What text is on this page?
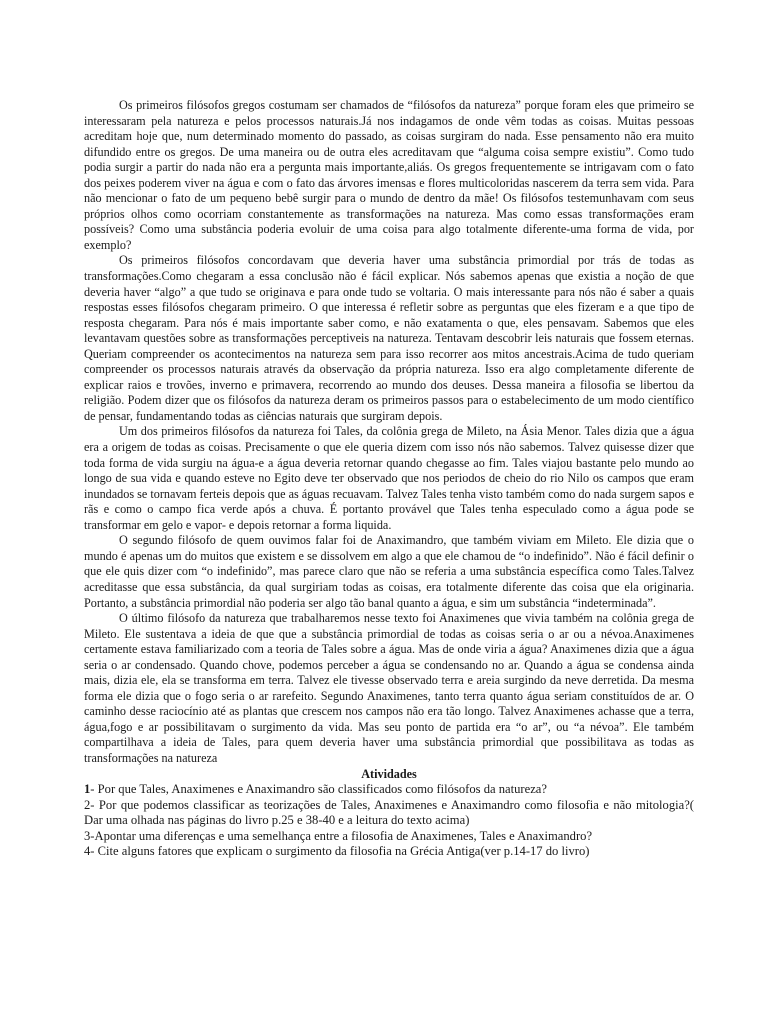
Os primeiros filósofos gregos costumam ser chamados de “filósofos da natureza” porque foram eles que primeiro se interessaram pela natureza e pelos processos naturais.Já nos indagamos de onde vêm todas as coisas. Muitas pessoas acreditam hoje que, num determinado momento do passado, as coisas surgiram do nada. Esse pensamento não era muito difundido entre os gregos. De uma maneira ou de outra eles acreditavam que “alguma coisa sempre existiu”. Como tudo podia surgir a partir do nada não era a pergunta mais importante,aliás. Os gregos frequentemente se intrigavam com o fato dos peixes poderem viver na água e com o fato das árvores imensas e flores multicoloridas nascerem da terra sem vida. Para não mencionar o fato de um pequeno bebê surgir para o mundo de dentro da mãe! Os filósofos testemunhavam com seus próprios olhos como ocorriam constantemente as transformações na natureza. Mas como essas transformações eram possíveis? Como uma substância poderia evoluir de uma coisa para algo totalmente diferente-uma forma de vida, por exemplo?

Os primeiros filósofos concordavam que deveria haver uma substância primordial por trás de todas as transformações.Como chegaram a essa conclusão não é fácil explicar. Nós sabemos apenas que existia a noção de que deveria haver “algo” a que tudo se originava e para onde tudo se voltaria. O mais interessante para nós não é saber a quais respostas esses filósofos chegaram primeiro. O que interessa é refletir sobre as perguntas que eles fizeram e a que tipo de resposta chegaram. Para nós é mais importante saber como, e não exatamenta o que, eles pensavam. Sabemos que eles levantavam questões sobre as transformações perceptiveis na natureza. Tentavam descobrir leis naturais que fossem eternas. Queriam compreender os acontecimentos na natureza sem para isso recorrer aos mitos ancestrais.Acima de tudo queriam compreender os processos naturais através da observação da própria natureza. Isso era algo completamente diferente de explicar raios e trovões, inverno e primavera, recorrendo ao mundo dos deuses. Dessa maneira a filosofia se libertou da religião. Podem dizer que os filósofos da natureza deram os primeiros passos para o estabelecimento de um modo científico de pensar, fundamentando todas as ciências naturais que surgiram depois.

Um dos primeiros filósofos da natureza foi Tales, da colônia grega de Mileto, na Ásia Menor. Tales dizia que a água era a origem de todas as coisas. Precisamente o que ele queria dizem com isso nós não sabemos. Talvez quisesse dizer que toda forma de vida surgiu na água-e a água deveria retornar quando chegasse ao fim. Tales viajou bastante pelo mundo ao longo de sua vida e quando esteve no Egito deve ter observado que nos periodos de cheio do rio Nilo os campos que eram inundados se tornavam ferteis depois que as águas recuavam. Talvez Tales tenha visto também como do nada surgem sapos e rãs e como o campo fica verde após a chuva. É portanto provável que Tales tenha especulado como a água pode se transformar em gelo e vapor- e depois retornar a forma liquida.

O segundo filósofo de quem ouvimos falar foi de Anaximandro, que também viviam em Mileto. Ele dizia que o mundo é apenas um do muitos que existem e se dissolvem em algo a que ele chamou de “o indefinido”. Não é fácil definir o que ele quis dizer com “o indefinido”, mas parece claro que não se referia a uma substância específica como Tales.Talvez acreditasse que essa substância, da qual surgiriam todas as coisas, era totalmente diferente das coisa que ela originaria. Portanto, a substância primordial não poderia ser algo tão banal quanto a água, e sim um substância “indeterminada”.

O último filósofo da natureza que trabalharemos nesse texto foi Anaximenes que vivia também na colônia grega de Mileto. Ele sustentava a ideia de que que a substância primordial de todas as coisas seria o ar ou a névoa.Anaximenes certamente estava familiarizado com a teoria de Tales sobre a água. Mas de onde viria a água? Anaximenes dizia que a água seria o ar condensado. Quando chove, podemos perceber a água se condensando no ar. Quando a água se condensa ainda mais, dizia ele, ela se transforma em terra. Talvez ele tivesse observado terra e areia surgindo da neve derretida. Da mesma forma ele dizia que o fogo seria o ar rarefeito. Segundo Anaximenes, tanto terra quanto água seriam constituídos de ar. O caminho desse raciocínio até as plantas que crescem nos campos não era tão longo. Talvez Anaximenes achasse que a terra, água,fogo e ar possibilitavam o surgimento da vida. Mas seu ponto de partida era “o ar”, ou “a névoa”. Ele também compartilhava a ideia de Tales, para quem deveria haver uma substância primordial que possibilitava as todas as transformações na natureza

Atividades

1- Por que Tales, Anaximenes e Anaximandro são classificados como filósofos da natureza?

2- Por que podemos classificar as teorizações de Tales, Anaximenes e Anaximandro como filosofia e não mitologia?( Dar uma olhada nas páginas do livro p.25 e 38-40 e a leitura do texto acima)

3-Apontar uma diferenças e uma semelhança entre a filosofia de Anaximenes, Tales e Anaximandro?

4- Cite alguns fatores que explicam o surgimento da filosofia na Grécia Antiga(ver p.14-17 do livro)
